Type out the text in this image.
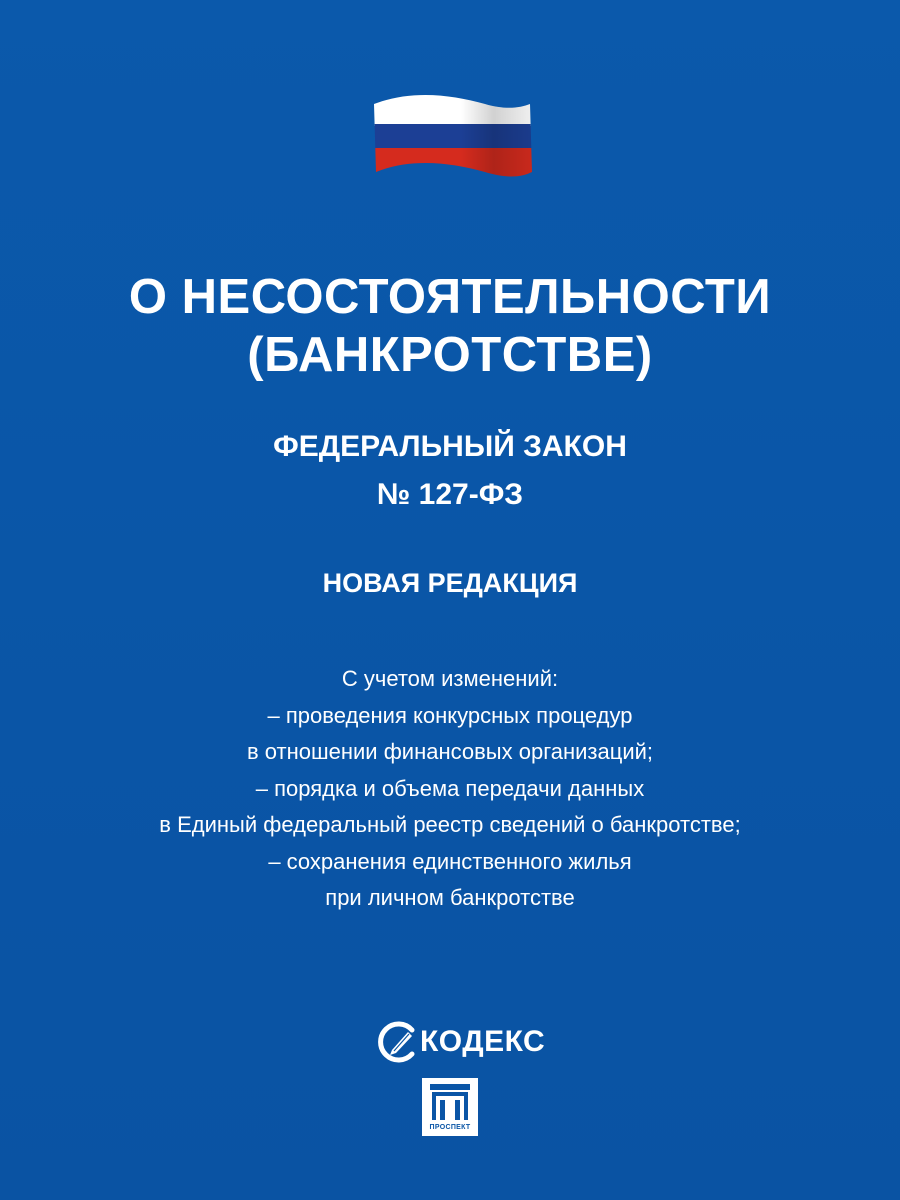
О НЕСОСТОЯТЕЛЬНОСТИ
(БАНКРОТСТВЕ)
ФЕДЕРАЛЬНЫЙ ЗАКОН
№ 127-ФЗ
НОВАЯ РЕДАКЦИЯ
С учетом изменений:
– проведения конкурсных процедур
в отношении финансовых организаций;
– порядка и объема передачи данных
в Единый федеральный реестр сведений о банкротстве;
– сохранения единственного жилья
при личном банкротстве
КОДЕКС
ПРОСПЕКТ
